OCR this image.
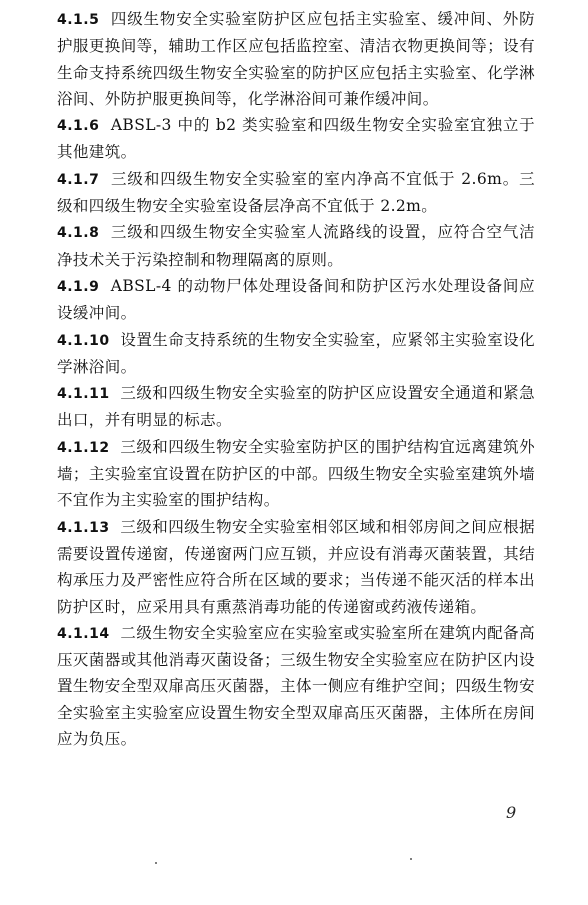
4.1.5 四级生物安全实验室防护区应包括主实验室、缓冲间、外防护服更换间等，辅助工作区应包括监控室、清洁衣物更换间等；设有生命支持系统四级生物安全实验室的防护区应包括主实验室、化学淋浴间、外防护服更换间等，化学淋浴间可兼作缓冲间。

4.1.6 ABSL-3 中的 b2 类实验室和四级生物安全实验室宜独立于其他建筑。

4.1.7 三级和四级生物安全实验室的室内净高不宜低于 2.6m。三级和四级生物安全实验室设备层净高不宜低于 2.2m。

4.1.8 三级和四级生物安全实验室人流路线的设置，应符合空气洁净技术关于污染控制和物理隔离的原则。

4.1.9 ABSL-4 的动物尸体处理设备间和防护区污水处理设备间应设缓冲间。

4.1.10 设置生命支持系统的生物安全实验室，应紧邻主实验室设化学淋浴间。

4.1.11 三级和四级生物安全实验室的防护区应设置安全通道和紧急出口，并有明显的标志。

4.1.12 三级和四级生物安全实验室防护区的围护结构宜远离建筑外墙；主实验室宜设置在防护区的中部。四级生物安全实验室建筑外墙不宜作为主实验室的围护结构。

4.1.13 三级和四级生物安全实验室相邻区域和相邻房间之间应根据需要设置传递窗，传递窗两门应互锁，并应设有消毒灭菌装置，其结构承压力及严密性应符合所在区域的要求；当传递不能灭活的样本出防护区时，应采用具有熏蒸消毒功能的传递窗或药液传递箱。

4.1.14 二级生物安全实验室应在实验室或实验室所在建筑内配备高压灭菌器或其他消毒灭菌设备；三级生物安全实验室应在防护区内设置生物安全型双扉高压灭菌器，主体一侧应有维护空间；四级生物安全实验室主实验室应设置生物安全型双扉高压灭菌器，主体所在房间应为负压。

9
